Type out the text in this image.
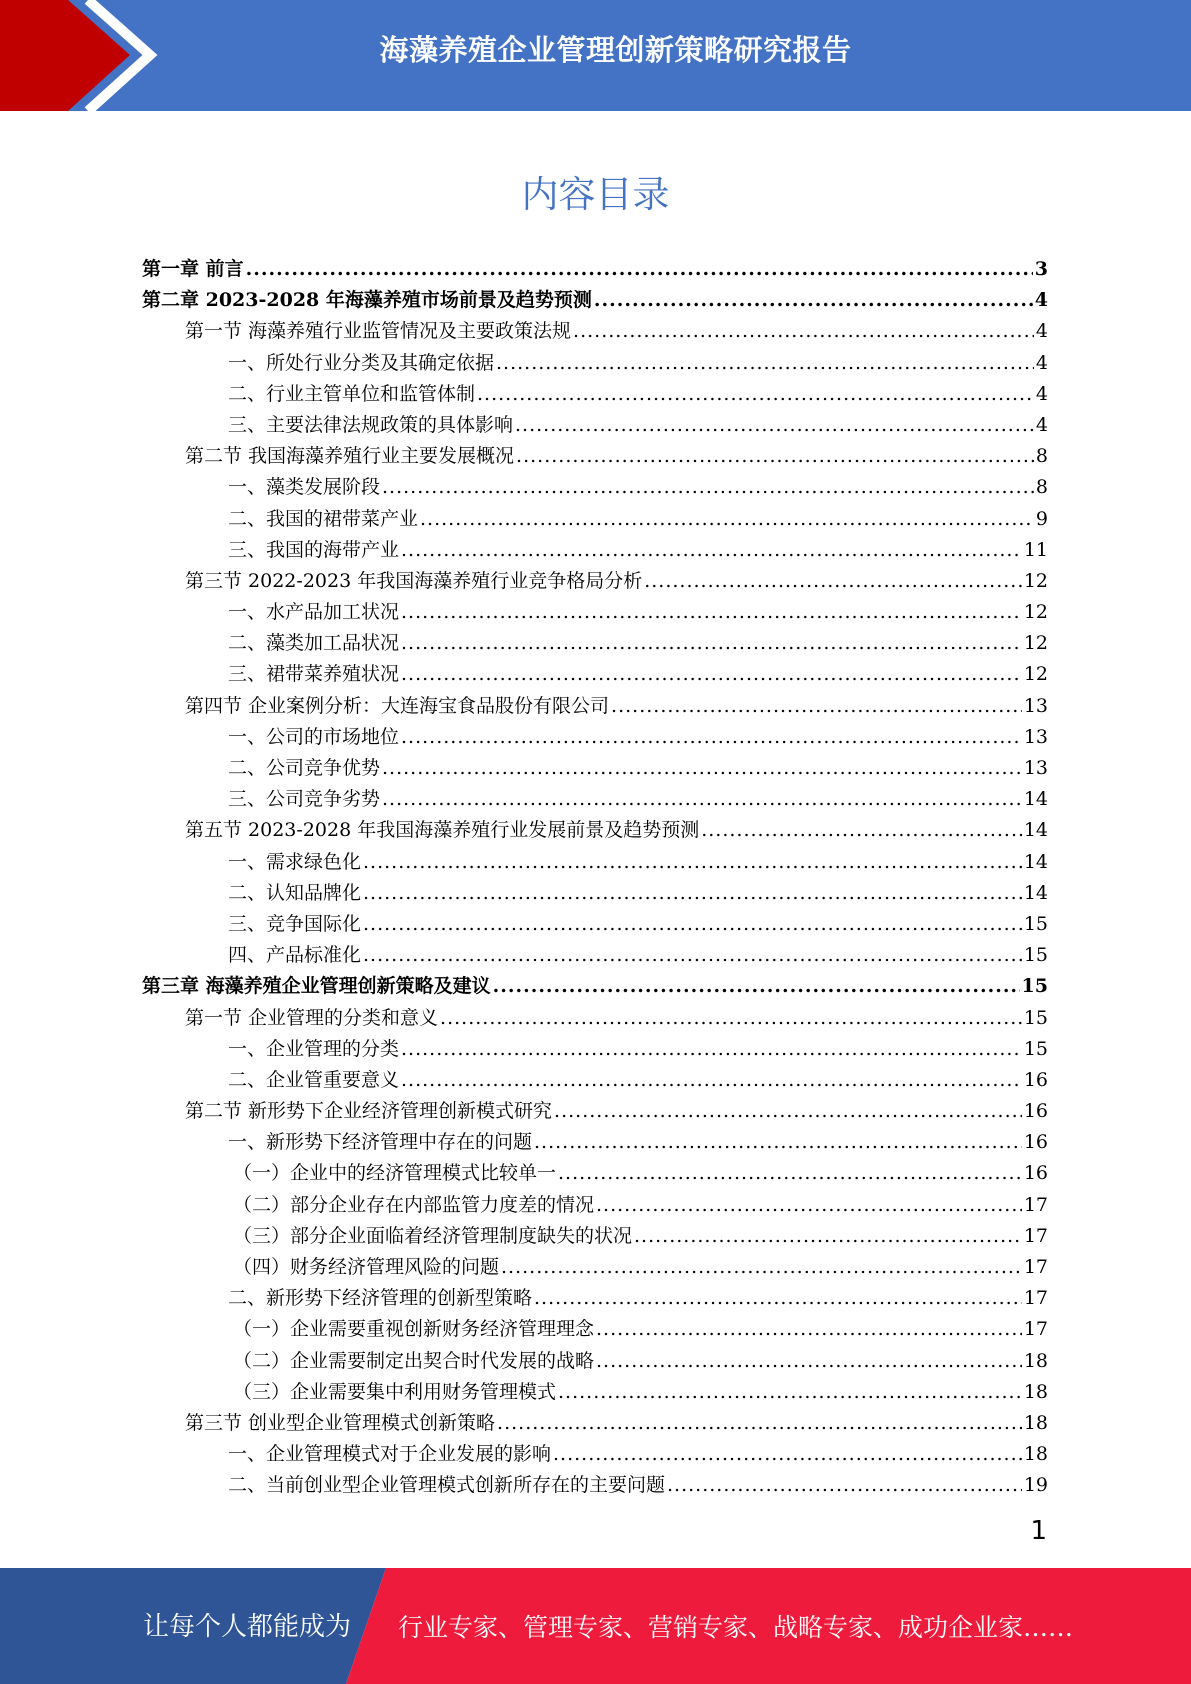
海藻养殖企业管理创新策略研究报告
内容目录
第一章 前言 .....	3
第二章 2023-2028 年海藻养殖市场前景及趋势预测 .....	4
第一节 海藻养殖行业监管情况及主要政策法规 .....	4
一、所处行业分类及其确定依据 .....	4
二、行业主管单位和监管体制 .....	4
三、主要法律法规政策的具体影响 .....	4
第二节 我国海藻养殖行业主要发展概况 .....	8
一、藻类发展阶段 .....	8
二、我国的裙带菜产业 .....	9
三、我国的海带产业 .....	11
第三节 2022-2023 年我国海藻养殖行业竞争格局分析 .....	12
一、水产品加工状况 .....	12
二、藻类加工品状况 .....	12
三、裙带菜养殖状况 .....	12
第四节 企业案例分析：大连海宝食品股份有限公司 .....	13
一、公司的市场地位 .....	13
二、公司竞争优势 .....	13
三、公司竞争劣势 .....	14
第五节 2023-2028 年我国海藻养殖行业发展前景及趋势预测 .....	14
一、需求绿色化 .....	14
二、认知品牌化 .....	14
三、竞争国际化 .....	15
四、产品标准化 .....	15
第三章 海藻养殖企业管理创新策略及建议 .....	15
第一节 企业管理的分类和意义 .....	15
一、企业管理的分类 .....	15
二、企业管重要意义 .....	16
第二节 新形势下企业经济管理创新模式研究 .....	16
一、新形势下经济管理中存在的问题 .....	16
（一）企业中的经济管理模式比较单一 .....	16
（二）部分企业存在内部监管力度差的情况 .....	17
（三）部分企业面临着经济管理制度缺失的状况 .....	17
（四）财务经济管理风险的问题 .....	17
二、新形势下经济管理的创新型策略 .....	17
（一）企业需要重视创新财务经济管理理念 .....	17
（二）企业需要制定出契合时代发展的战略 .....	18
（三）企业需要集中利用财务管理模式 .....	18
第三节 创业型企业管理模式创新策略 .....	18
一、企业管理模式对于企业发展的影响 .....	18
二、当前创业型企业管理模式创新所存在的主要问题 .....	19
1
让每个人都能成为 行业专家、管理专家、营销专家、战略专家、成功企业家……
